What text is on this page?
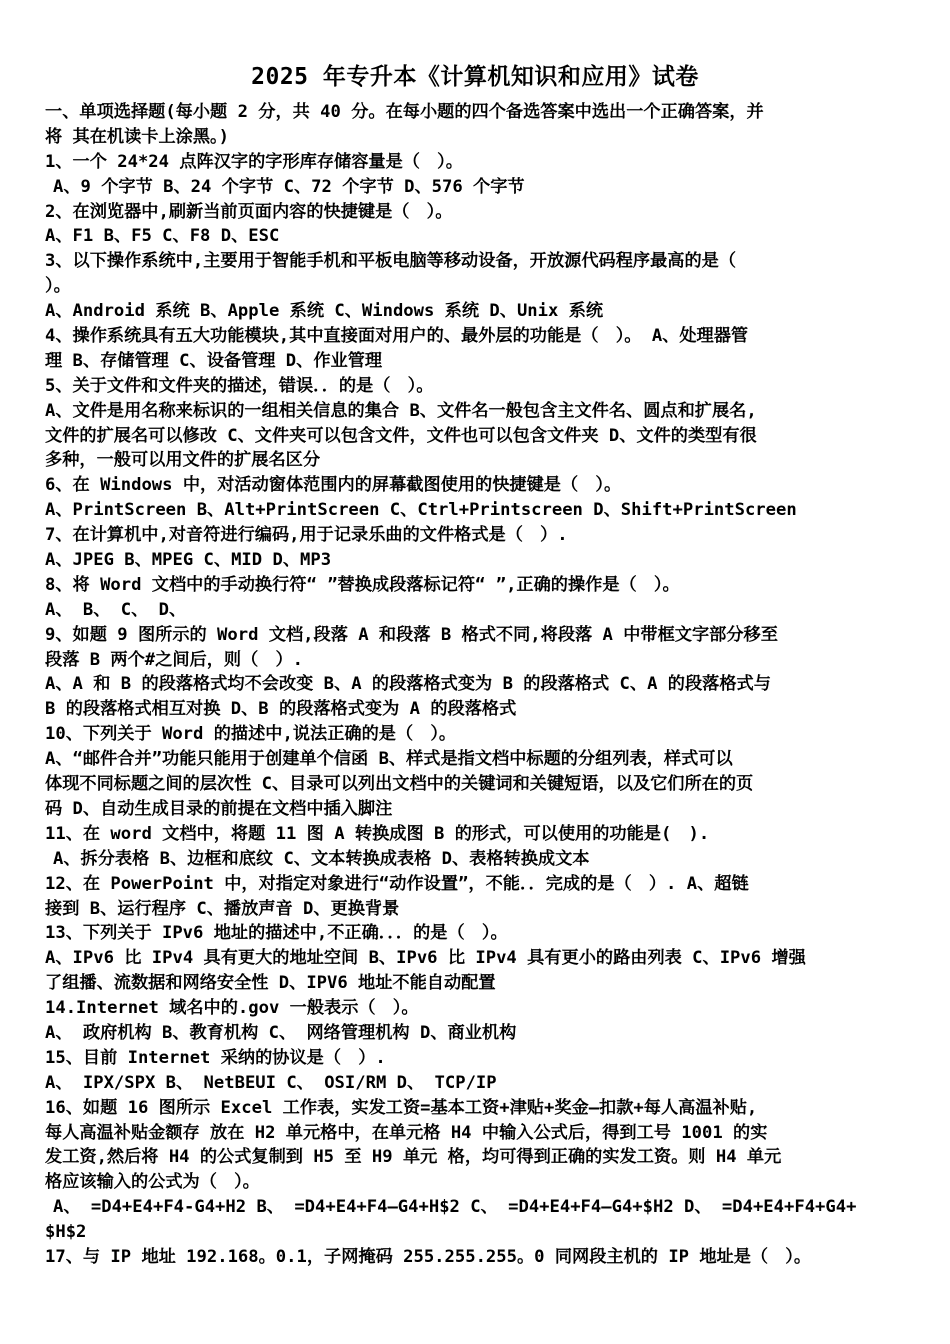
2025 年专升本《计算机知识和应用》试卷
一、单项选择题(每小题 2 分，共 40 分。在每小题的四个备选答案中选出一个正确答案，并
将 其在机读卡上涂黑。)
1、一个 24*24 点阵汉字的字形库存储容量是（　）。
A、9 个字节 B、24 个字节 C、72 个字节 D、576 个字节
2、在浏览器中,刷新当前页面内容的快捷键是（　）。
A、F1 B、F5 C、F8 D、ESC
3、以下操作系统中,主要用于智能手机和平板电脑等移动设备，开放源代码程序最高的是（
）。
A、Android 系统 B、Apple 系统 C、Windows 系统 D、Unix 系统
4、操作系统具有五大功能模块,其中直接面对用户的、最外层的功能是（　）。 A、处理器管
理 B、存储管理 C、设备管理 D、作业管理
5、关于文件和文件夹的描述，错误．．的是（　）。
A、文件是用名称来标识的一组相关信息的集合 B、文件名一般包含主文件名、圆点和扩展名,
文件的扩展名可以修改 C、文件夹可以包含文件，文件也可以包含文件夹 D、文件的类型有很
多种，一般可以用文件的扩展名区分
6、在 Windows 中，对活动窗体范围内的屏幕截图使用的快捷键是（　）。
A、PrintScreen B、Alt+PrintScreen C、Ctrl+Printscreen D、Shift+PrintScreen
7、在计算机中,对音符进行编码,用于记录乐曲的文件格式是（　）.
A、JPEG B、MPEG C、MID D、MP3
8、将 Word 文档中的手动换行符“ ”替换成段落标记符“ ”,正确的操作是（　）。
A、 B、 C、 D、
9、如题 9 图所示的 Word 文档,段落 A 和段落 B 格式不同,将段落 A 中带框文字部分移至
段落 B 两个#之间后，则（　）.
A、A 和 B 的段落格式均不会改变 B、A 的段落格式变为 B 的段落格式 C、A 的段落格式与
B 的段落格式相互对换 D、B 的段落格式变为 A 的段落格式
10、下列关于 Word 的描述中,说法正确的是（　）。
A、“邮件合并”功能只能用于创建单个信函 B、样式是指文档中标题的分组列表，样式可以
体现不同标题之间的层次性 C、目录可以列出文档中的关键词和关键短语，以及它们所在的页
码 D、自动生成目录的前提在文档中插入脚注
11、在 word 文档中，将题 11 图 A 转换成图 B 的形式，可以使用的功能是(　).
A、拆分表格 B、边框和底纹 C、文本转换成表格 D、表格转换成文本
12、在 PowerPoint 中，对指定对象进行“动作设置”，不能．．完成的是（　）. A、超链
接到 B、运行程序 C、播放声音 D、更换背景
13、下列关于 IPv6 地址的描述中,不正确．．．的是（　）。
A、IPv6 比 IPv4 具有更大的地址空间 B、IPv6 比 IPv4 具有更小的路由列表 C、IPv6 增强
了组播、流数据和网络安全性 D、IPV6 地址不能自动配置
14.Internet 域名中的.gov 一般表示（　）。
A、 政府机构 B、教育机构 C、 网络管理机构 D、商业机构
15、目前 Internet 采纳的协议是（　）.
A、 IPX/SPX B、 NetBEUI C、 OSI/RM D、 TCP/IP
16、如题 16 图所示 Excel 工作表，实发工资=基本工资+津贴+奖金—扣款+每人高温补贴,
每人高温补贴金额存 放在 H2 单元格中，在单元格 H4 中输入公式后，得到工号 1001 的实
发工资,然后将 H4 的公式复制到 H5 至 H9 单元 格，均可得到正确的实发工资。则 H4 单元
格应该输入的公式为（　）。
A、 =D4+E4+F4-G4+H2 B、 =D4+E4+F4—G4+H$2 C、 =D4+E4+F4—G4+$H2 D、 =D4+E4+F4+G4+
$H$2
17、与 IP 地址 192.168。0.1，子网掩码 255.255.255。0 同网段主机的 IP 地址是（　）。
